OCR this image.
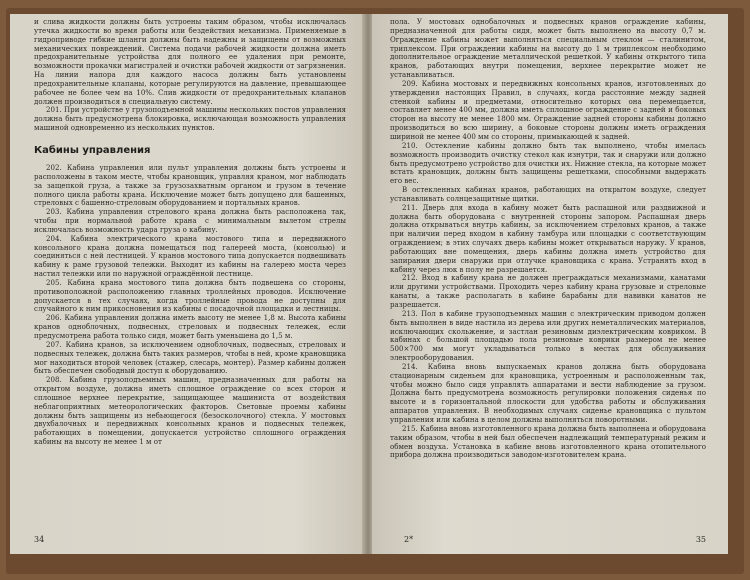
и слива жидкости должны быть устроены таким образом, чтобы исключалась утечка жидкости во время работы или бездействия механизма. Применяемые в гидроприводе гибкие шланги должны быть надежны и защищены от возможных механических повреждений. Система подачи рабочей жидкости должна иметь предохранительные устройства для полного ее удаления при ремонте, возможности прокачки магистралей и очистки рабочей жидкости от загрязнения. На линии напора для каждого насоса должны быть установлены предохранительные клапаны, которые регулируются на давление, превышающее рабочее не более чем на 10%. Слив жидкости от предохранительных клапанов должен производиться в специальную систему.

201. При устройстве у грузоподъемной машины нескольких постов управления должна быть предусмотрена блокировка, исключающая возможность управления машиной одновременно из нескольких пунктов.

Кабины управления

202. Кабина управления или пульт управления должны быть устроены и расположены в таком месте, чтобы крановщик, управляя краном, мог наблюдать за защепкой груза, а также за грузозахватным органом и грузом в течение полного цикла работы крана. Исключение может быть допущено для башенных, стреловых с башенно-стреловым оборудованием и портальных кранов.

203. Кабина управления стрелового крана должна быть расположена так, чтобы при нормальной работе крана с минимальным вылетом стрелы исключалась возможность удара груза о кабину.

204. Кабина электрического крана мостового типа и передвижного консольного крана должна помещаться под галереей моста, (консолью) и соединяться с ней лестницей. У кранов мостового типа допускается подвешивать кабину к раме грузовой тележки. Выходят из кабины на галерею моста через настил тележки или по наружной ограждённой лестнице.

205. Кабина крана мостового типа должна быть подвешена со стороны, противоположной расположению главных троллейных проводов. Исключение допускается в тех случаях, когда троллейные провода не доступны для случайного к ним прикосновения из кабины с посадочной площадки и лестницы.

206. Кабина управления должна иметь высоту не менее 1,8 м. Высота кабины кранов одноблочных, подвесных, стреловых и подвесных тележек, если предусмотрена работа только сидя, может быть уменьшена до 1,5 м.

207. Кабина кранов, за исключением одноблочных, подвесных, стреловых и подвесных тележек, должна быть таких размеров, чтобы в ней, кроме крановщика мог находиться второй человек (стажер, слесарь, монтер). Размер кабины должен быть обеспечен свободный доступ к оборудованию.

208. Кабина грузоподъемных машин, предназначенных для работы на открытом воздухе, должна иметь сплошное ограждение со всех сторон и сплошное верхнее перекрытие, защищающее машиниста от воздействия неблагоприятных метеорологических факторов. Световые проемы кабины должны быть защищены из небьющегося (безосколочного) стекла. У мостовых двухбалочных и передвижных консольных кранов и подвесных тележек, работающих в помещении, допускается устройство сплошного ограждения кабины на высоту не менее 1 м от

34

пола. У мостовых однобалочных и подвесных кранов ограждение кабины, предназначенной для работы сидя, может быть выполнено на высоту 0,7 м. Ограждение кабины может выполняться специальным стеклом — сталинитом, триплексом. При ограждении кабины на высоту до 1 м триплексом необходимо дополнительное ограждение металлической решеткой. У кабины открытого типа кранов, работающих внутри помещения, верхнее перекрытие может не устанавливаться.

209. Кабина мостовых и передвижных консольных кранов, изготовленных до утверждения настоящих Правил, в случаях, когда расстояние между задней стенкой кабины и предметами, относительно которых она перемещается, составляет менее 400 мм, должна иметь сплошное ограждение с задней и боковых сторон на высоту не менее 1800 мм. Ограждение задней стороны кабины должно производиться во всю ширину, а боковые стороны должны иметь ограждения шириной не менее 400 мм со стороны, примыкающей к задней.

210. Остекление кабины должно быть так выполнено, чтобы имелась возможность производить очистку стекол как изнутри, так и снаружи или должно быть предусмотрено устройство для очистки их. Нижние стекла, на которые может встать крановщик, должны быть защищены решетками, способными выдержать его вес.

В остекленных кабинах кранов, работающих на открытом воздухе, следует устанавливать солнцезащитные щитки.

211. Дверь для входа в кабину может быть распашной или раздвижной и должна быть оборудована с внутренней стороны запором. Распашная дверь должна открываться внутрь кабины, за исключением стреловых кранов, а также при наличии перед входом в кабину тамбура или площадки с соответствующим ограждением; в этих случаях дверь кабины может открываться наружу. У кранов, работающих вне помещения, дверь кабины должна иметь устройство для запирания двери снаружи при отлучке крановщика с крана. Устранять вход в кабину через люк в полу не разрешается.

212. Вход в кабину крана не должен преграждаться механизмами, канатами или другими устройствами. Проходить через кабину крана грузовые и стреловые канаты, а также располагать в кабине барабаны для навивки канатов не разрешается.

213. Пол в кабине грузоподъемных машин с электрическим приводом должен быть выполнен в виде настила из дерева или других неметаллических материалов, исключающих скольжение, и застлан резиновым диэлектрическим ковриком. В кабинах с большой площадью пола резиновые коврики размером не менее 500×700 мм могут укладываться только в местах для обслуживания электрооборудования.

214. Кабина вновь выпускаемых кранов должна быть оборудована стационарным сиденьем для крановщика, устроенным и расположенным так, чтобы можно было сидя управлять аппаратами и вести наблюдение за грузом. Должна быть предусмотрена возможность регулировки положения сиденья по высоте и в горизонтальной плоскости для удобства работы и обслуживания аппаратов управления. В необходимых случаях сиденье крановщика с пультом управления или кабина в целом должны выполняться поворотными.

215. Кабина вновь изготовленного крана должна быть выполнена и оборудована таким образом, чтобы в ней был обеспечен надлежащий температурный режим и обмен воздуха. Установка в кабине вновь изготовленного крана отопительного прибора должна производиться заводом-изготовителем крана.

2*	35
